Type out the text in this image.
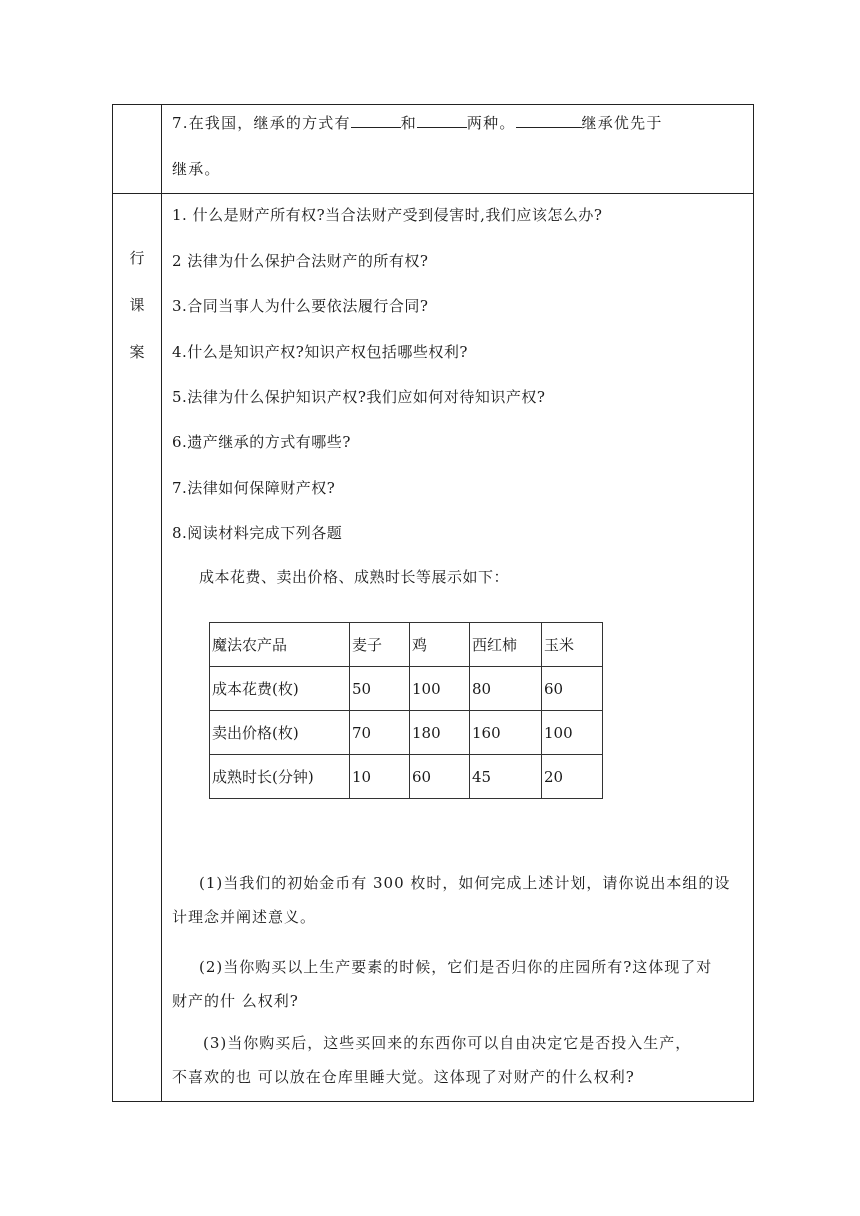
7.在我国，继承的方式有	和	两种。	继承优先于
继承。
行
课
案
1. 什么是财产所有权?当合法财产受到侵害时,我们应该怎么办?
2 法律为什么保护合法财产的所有权?
3.合同当事人为什么要依法履行合同?
4.什么是知识产权?知识产权包括哪些权利?
5.法律为什么保护知识产权?我们应如何对待知识产权?
6.遗产继承的方式有哪些?
7.法律如何保障财产权?
8.阅读材料完成下列各题
成本花费、卖出价格、成熟时长等展示如下：
魔法农产品	麦子	鸡	西红柿	玉米
成本花费(枚)	50	100	80	60
卖出价格(枚)	70	180	160	100
成熟时长(分钟)	10	60	45	20
(1)当我们的初始金币有 300 枚时，如何完成上述计划，请你说出本组的设
计理念并阐述意义。
(2)当你购买以上生产要素的时候，它们是否归你的庄园所有?这体现了对
财产的什 么权利?
(3)当你购买后，这些买回来的东西你可以自由决定它是否投入生产，
不喜欢的也 可以放在仓库里睡大觉。这体现了对财产的什么权利?
